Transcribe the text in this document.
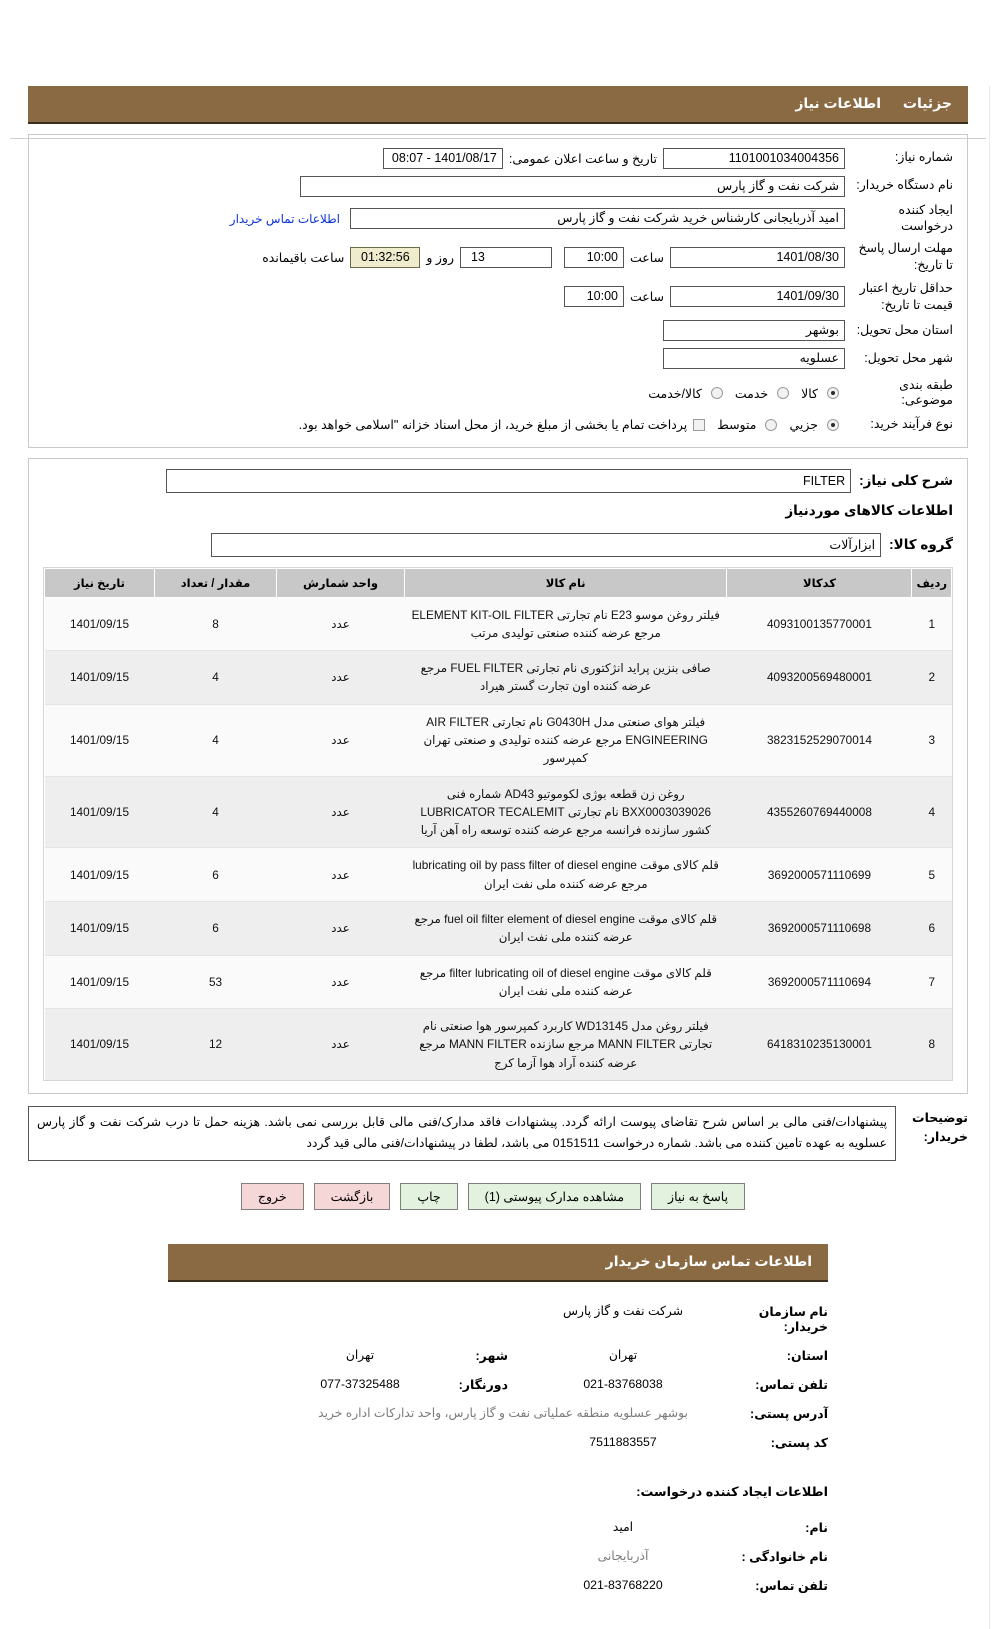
جزئیات اطلاعات نیاز
شماره نیاز:
1101001034004356
تاریخ و ساعت اعلان عمومی:
1401/08/17 - 08:07
نام دستگاه خریدار:
شرکت نفت و گاز پارس
ایجاد کننده درخواست
امید آذربایجانی کارشناس خرید شرکت نفت و گاز پارس
اطلاعات تماس خریدار
مهلت ارسال پاسخ تا تاریخ:
1401/08/30
ساعت
10:00
13
روز و
01:32:56
ساعت باقیمانده
حداقل تاریخ اعتبار قیمت تا تاریخ:
1401/09/30
ساعت
10:00
استان محل تحویل:
بوشهر
شهر محل تحویل:
عسلویه
طبقه بندی موضوعی:
کالا
خدمت
کالا/خدمت
نوع فرآیند خرید:
جزيي
متوسط
پرداخت تمام یا بخشی از مبلغ خرید، از محل اسناد خزانه "اسلامی خواهد بود.
شرح کلی نیاز:
FILTER
اطلاعات کالاهای موردنیاز
گروه کالا:
ابزارآلات
ردیف	کدکالا	نام کالا	واحد شمارش	مقدار / تعداد	تاریخ نیاز
1	4093100135770001	فیلتر روغن موسو E23 نام تجارتی ELEMENT KIT-OIL FILTER مرجع عرضه کننده صنعتی تولیدی مرتب	عدد	8	1401/09/15
2	4093200569480001	صافی بنزین پراید انژکتوری نام تجارتی FUEL FILTER مرجع عرضه کننده اون تجارت گستر هیراد	عدد	4	1401/09/15
3	3823152529070014	فیلتر هوای صنعتی مدل G0430H نام تجارتی AIR FILTER ENGINEERING مرجع عرضه کننده تولیدی و صنعتی تهران کمپرسور	عدد	4	1401/09/15
4	4355260769440008	روغن زن قطعه بوژی لکوموتیو AD43 شماره فنی BXX0003039026 نام تجارتی LUBRICATOR TECALEMIT کشور سازنده فرانسه مرجع عرضه کننده توسعه راه آهن آریا	عدد	4	1401/09/15
5	3692000571110699	قلم کالای موقت lubricating oil by pass filter of diesel engine مرجع عرضه کننده ملی نفت ایران	عدد	6	1401/09/15
6	3692000571110698	قلم کالای موقت fuel oil filter element of diesel engine مرجع عرضه کننده ملی نفت ایران	عدد	6	1401/09/15
7	3692000571110694	قلم کالای موقت filter lubricating oil of diesel engine مرجع عرضه کننده ملی نفت ایران	عدد	53	1401/09/15
8	6418310235130001	فیلتر روغن مدل WD13145 کاربرد کمپرسور هوا صنعتی نام تجارتی MANN FILTER مرجع سازنده MANN FILTER مرجع عرضه کننده آراد هوا آزما کرج	عدد	12	1401/09/15
توضیحات خریدار:
پیشنهادات/فنی مالی بر اساس شرح تقاضای پیوست ارائه گردد. پیشنهادات فاقد مدارک/فنی مالی قابل بررسی نمی باشد. هزینه حمل تا درب شرکت نفت و گاز پارس عسلویه به عهده تامین کننده می باشد. شماره درخواست 0151511 می باشد، لطفا در پیشنهادات/فنی مالی قید گردد
پاسخ به نیاز
مشاهده مدارک پیوستی (1)
چاپ
بازگشت
خروج
اطلاعات تماس سازمان خریدار
نام سازمان خریدار:
شرکت نفت و گاز پارس
استان:
تهران
شهر:
تهران
تلفن تماس:
021-83768038
دورنگار:
077-37325488
آدرس پستی:
بوشهر عسلویه منطقه عملیاتی نفت و گاز پارس، واحد تدارکات اداره خرید
کد پستی:
7511883557
اطلاعات ایجاد کننده درخواست:
نام:
امید
نام خانوادگی :
آذربایجانی
تلفن تماس:
021-83768220
